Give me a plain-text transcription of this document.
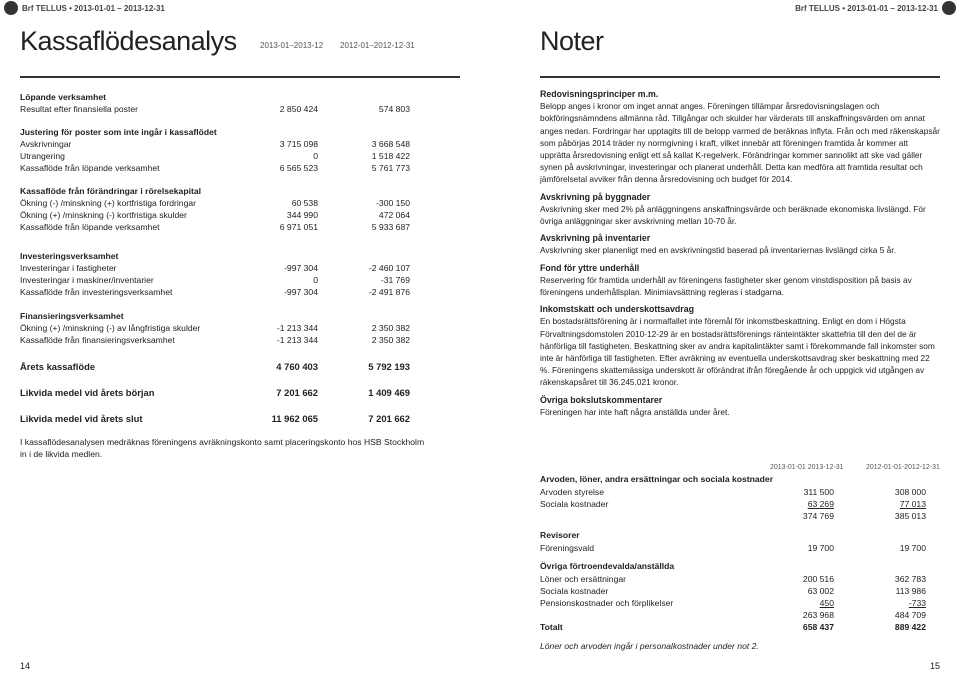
Brf TELLUS • 2013-01-01 – 2013-12-31
Kassaflödesanalys	2013-01–2013-12 2012-01–2012-12-31
Löpande verksamhet
Resultat efter finansiella poster	2 850 424	574 803
Justering för poster som inte ingår i kassaflödet
Avskrivningar	3 715 098	3 668 548
Utrangering	0	1 518 422
Kassaflöde från löpande verksamhet	6 565 523	5 761 773
Kassaflöde från förändringar i rörelsekapital
Ökning (-) /minskning (+) kortfristiga fordringar	60 538	-300 150
Ökning (+) /minskning (-) kortfristiga skulder	344 990	472 064
Kassaflöde från löpande verksamhet	6 971 051	5 933 687
Investeringsverksamhet
Investeringar i fastigheter	-997 304	-2 460 107
Investeringar i maskiner/inventarier	0	-31 769
Kassaflöde från investeringsverksamhet	-997 304	-2 491 876
Finansieringsverksamhet
Ökning (+) /minskning (-) av långfristiga skulder	-1 213 344	2 350 382
Kassaflöde från finansieringsverksamhet	-1 213 344	2 350 382
Årets kassaflöde	4 760 403	5 792 193
Likvida medel vid årets början	7 201 662	1 409 469
Likvida medel vid årets slut	11 962 065	7 201 662
I kassaflödesanalysen medräknas föreningens avräkningskonto samt placeringskonto hos HSB Stockholm in i de likvida medlen.
14
Brf TELLUS • 2013-01-01 – 2013-12-31
15
Noter
Redovisningsprinciper m.m.
Belopp anges i kronor om inget annat anges. Föreningen tillämpar årsredovisningslagen och bokföringsnämndens allmänna råd. Tillgångar och skulder har värderats till anskaffningsvärden om annat anges nedan. Fordringar har upptagits till de belopp varmed de beräknas inflyta. Från och med räkenskapsår som påbörjas 2014 träder ny normgivning i kraft, vilket innebär att föreningen framtida år kommer att upprätta årsredovisning enligt ett så kallat K-regelverk. Förändringar kommer sannolikt att ske vad gäller synen på avskrivningar, investeringar och planerat underhåll. Detta kan medföra att framtida resultat och jämförelsetal avviker från denna årsredovisning och budget för 2014.
Avskrivning på byggnader
Avskrivning sker med 2% på anläggningens anskaffningsvärde och beräknade ekonomiska livslängd. För övriga anläggningar sker avskrivning mellan 10-70 år.
Avskrivning på inventarier
Avskrivning sker planenligt med en avskrivningstid baserad på inventariernas livslängd cirka 5 år.
Fond för yttre underhåll
Reservering för framtida underhåll av föreningens fastigheter sker genom vinstdisposition på basis av föreningens underhållsplan. Minimiavsättning regleras i stadgarna.
Inkomstskatt och underskottsavdrag
En bostadsrättsförening är i normalfallet inte föremål för inkomstbeskattning. Enligt en dom i Högsta Förvaltningsdomstolen 2010-12-29 är en bostadsrättsförenings ränteintäkter skattefria till den del de är hänförliga till fastigheten. Beskattning sker av andra kapitalintäkter samt i förekommande fall inkomster som inte är hänförliga till fastigheten. Efter avräkning av eventuella underskottsavdrag sker beskattning med 22 %. Föreningens skattemässiga underskott är oförändrat ifrån föregående år och uppgick vid utgången av räkenskapsåret till 36.245.021 kronor.
Övriga bokslutskommentarer
Föreningen har inte haft några anställda under året.
2013-01-01 2013-12-31	2012-01-01-2012-12-31
Arvoden, löner, andra ersättningar och sociala kostnader
Arvoden styrelse	311 500	308 000
Sociala kostnader	63 269	77 013
374 769	385 013
Revisorer
Föreningsvald	19 700	19 700
Övriga förtroendevalda/anställda
Löner och ersättningar	200 516	362 783
Sociala kostnader	63 002	113 986
Pensionskostnader och förplikelser	450	-733
263 968	484 709
Totalt	658 437	889 422
Löner och arvoden ingår i personalkostnader under not 2.
